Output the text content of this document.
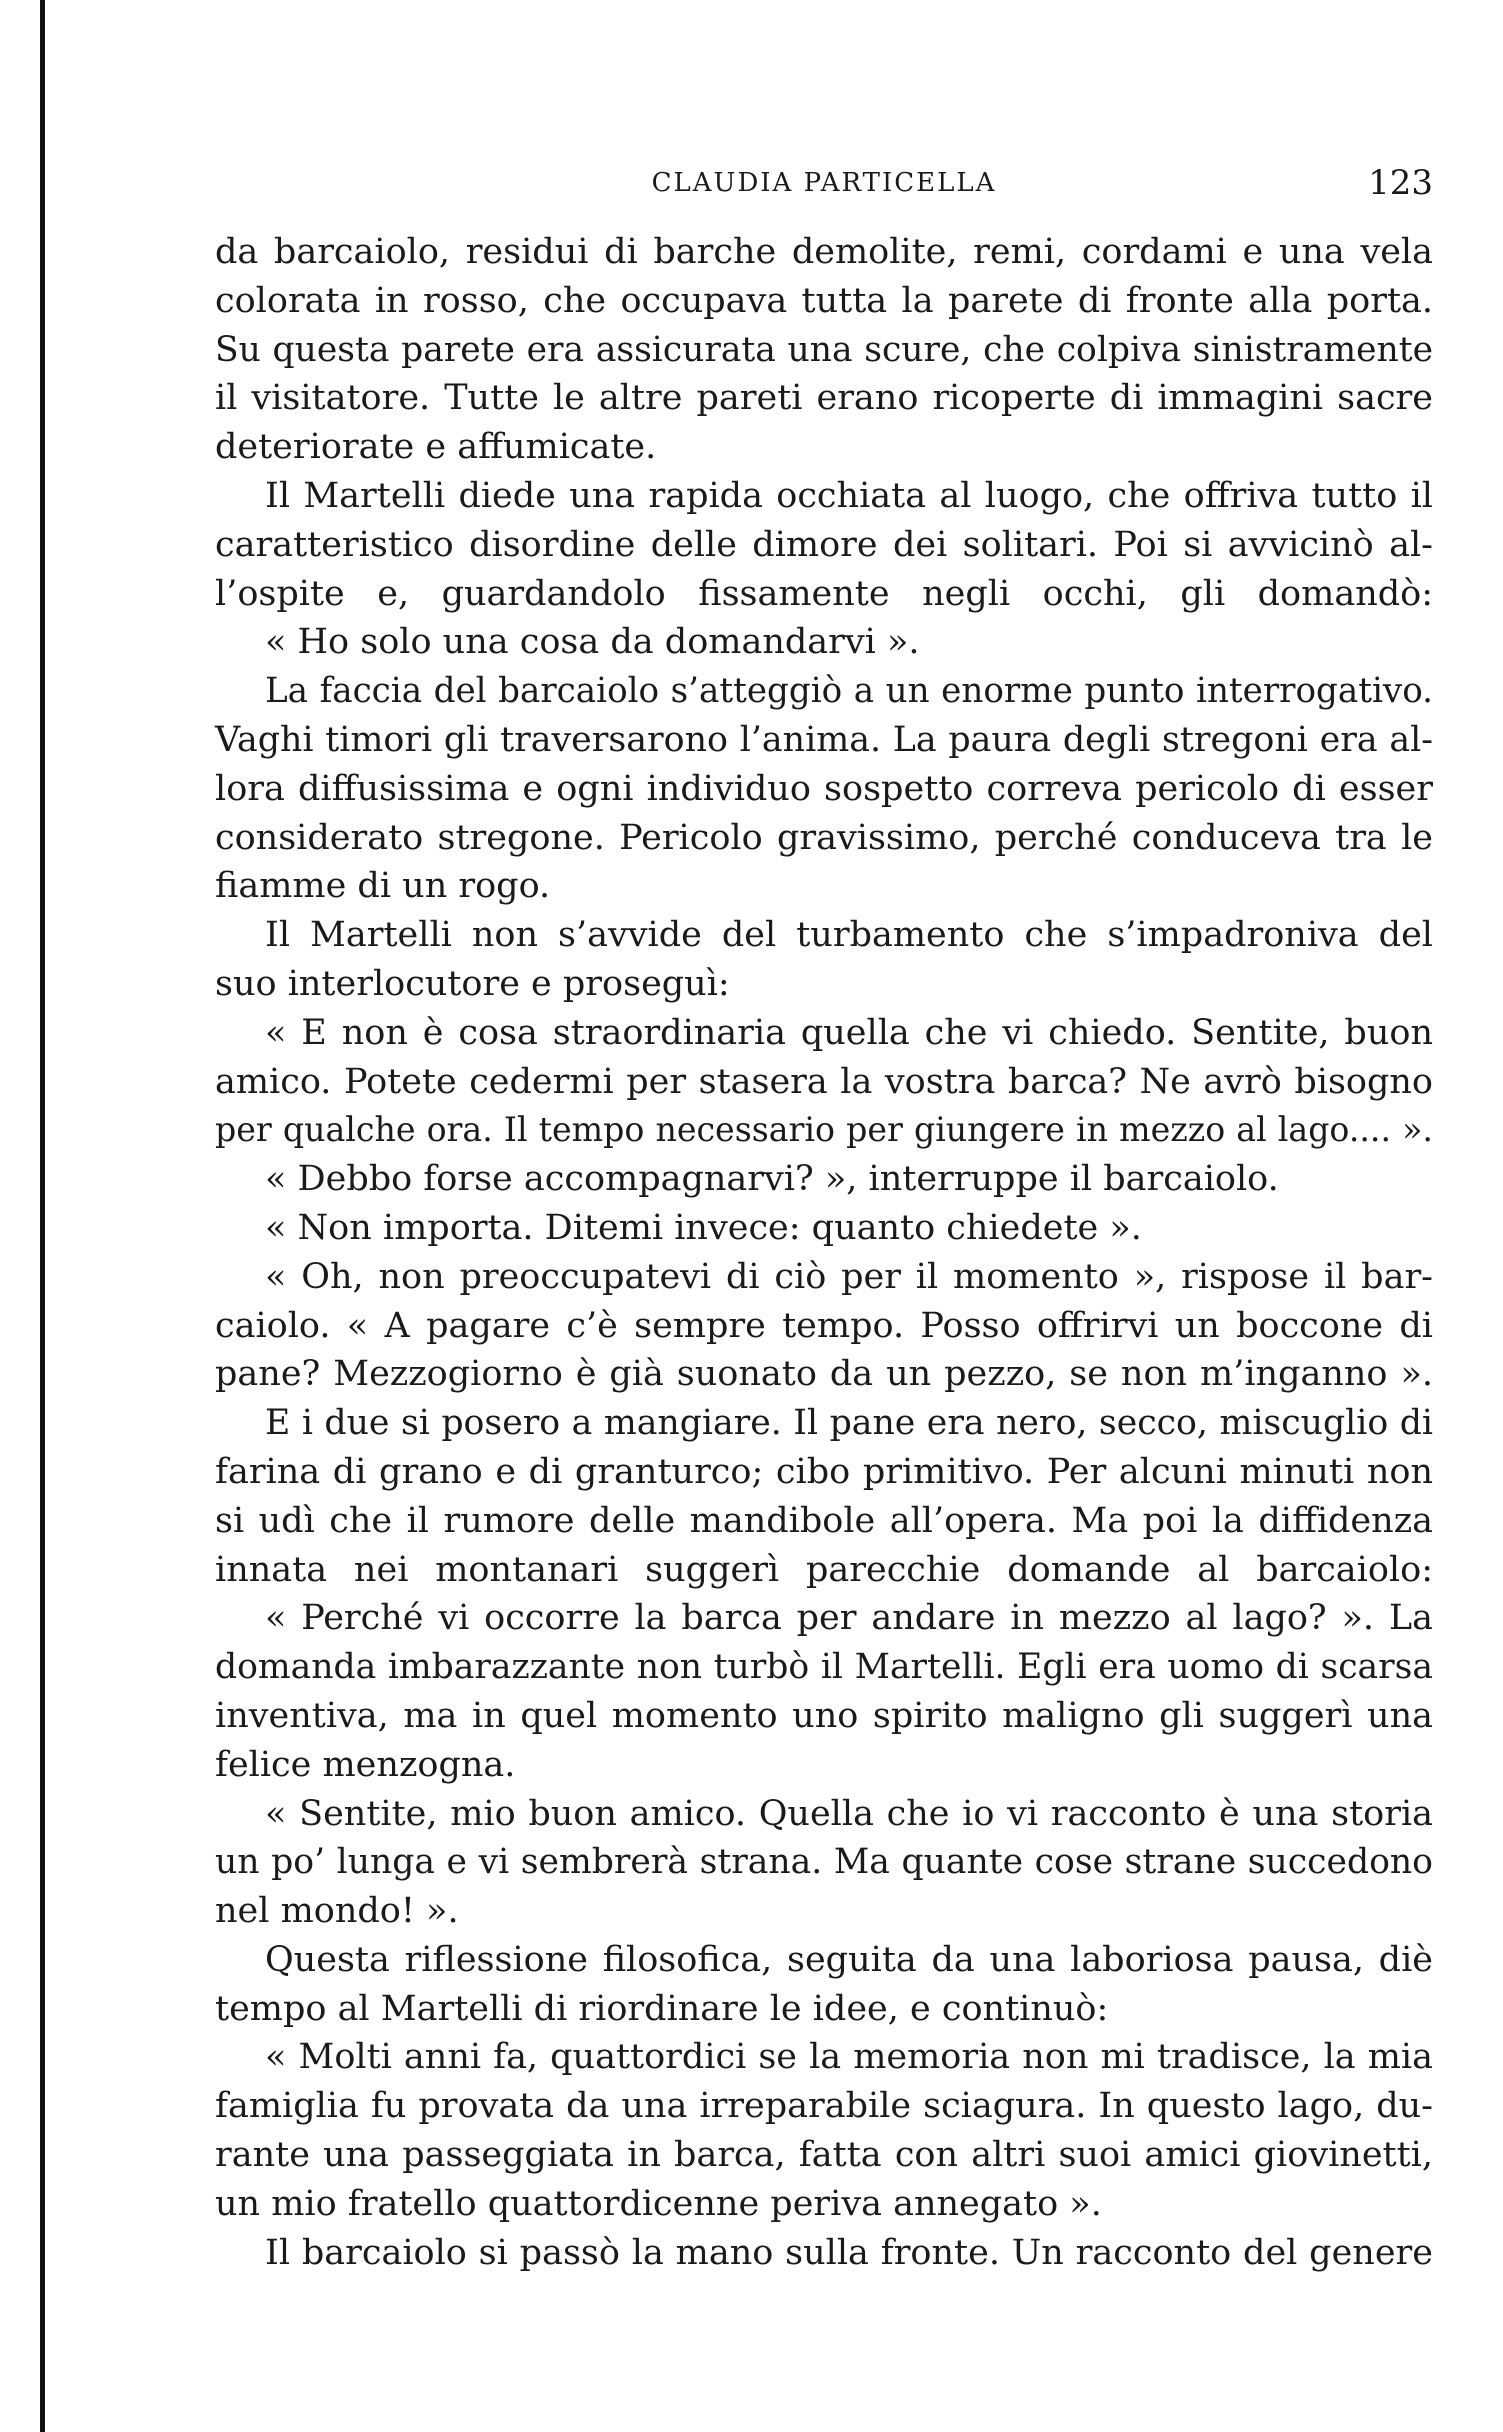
CLAUDIA PARTICELLA	123
da barcaiolo, residui di barche demolite, remi, cordami e una vela
colorata in rosso, che occupava tutta la parete di fronte alla porta.
Su questa parete era assicurata una scure, che colpiva sinistramente
il visitatore. Tutte le altre pareti erano ricoperte di immagini sacre
deteriorate e affumicate.
Il Martelli diede una rapida occhiata al luogo, che offriva tutto il
caratteristico disordine delle dimore dei solitari. Poi si avvicinò al-
l’ospite e, guardandolo fissamente negli occhi, gli domandò:
« Ho solo una cosa da domandarvi ».
La faccia del barcaiolo s’atteggiò a un enorme punto interrogativo.
Vaghi timori gli traversarono l’anima. La paura degli stregoni era al-
lora diffusissima e ogni individuo sospetto correva pericolo di esser
considerato stregone. Pericolo gravissimo, perché conduceva tra le
fiamme di un rogo.
Il Martelli non s’avvide del turbamento che s’impadroniva del
suo interlocutore e proseguì:
« E non è cosa straordinaria quella che vi chiedo. Sentite, buon
amico. Potete cedermi per stasera la vostra barca? Ne avrò bisogno
per qualche ora. Il tempo necessario per giungere in mezzo al lago.... ».
« Debbo forse accompagnarvi? », interruppe il barcaiolo.
« Non importa. Ditemi invece: quanto chiedete ».
« Oh, non preoccupatevi di ciò per il momento », rispose il bar-
caiolo. « A pagare c’è sempre tempo. Posso offrirvi un boccone di
pane? Mezzogiorno è già suonato da un pezzo, se non m’inganno ».
E i due si posero a mangiare. Il pane era nero, secco, miscuglio di
farina di grano e di granturco; cibo primitivo. Per alcuni minuti non
si udì che il rumore delle mandibole all’opera. Ma poi la diffidenza
innata nei montanari suggerì parecchie domande al barcaiolo:
« Perché vi occorre la barca per andare in mezzo al lago? ». La
domanda imbarazzante non turbò il Martelli. Egli era uomo di scarsa
inventiva, ma in quel momento uno spirito maligno gli suggerì una
felice menzogna.
« Sentite, mio buon amico. Quella che io vi racconto è una storia
un po’ lunga e vi sembrerà strana. Ma quante cose strane succedono
nel mondo! ».
Questa riflessione filosofica, seguita da una laboriosa pausa, diè
tempo al Martelli di riordinare le idee, e continuò:
« Molti anni fa, quattordici se la memoria non mi tradisce, la mia
famiglia fu provata da una irreparabile sciagura. In questo lago, du-
rante una passeggiata in barca, fatta con altri suoi amici giovinetti,
un mio fratello quattordicenne periva annegato ».
Il barcaiolo si passò la mano sulla fronte. Un racconto del genere
